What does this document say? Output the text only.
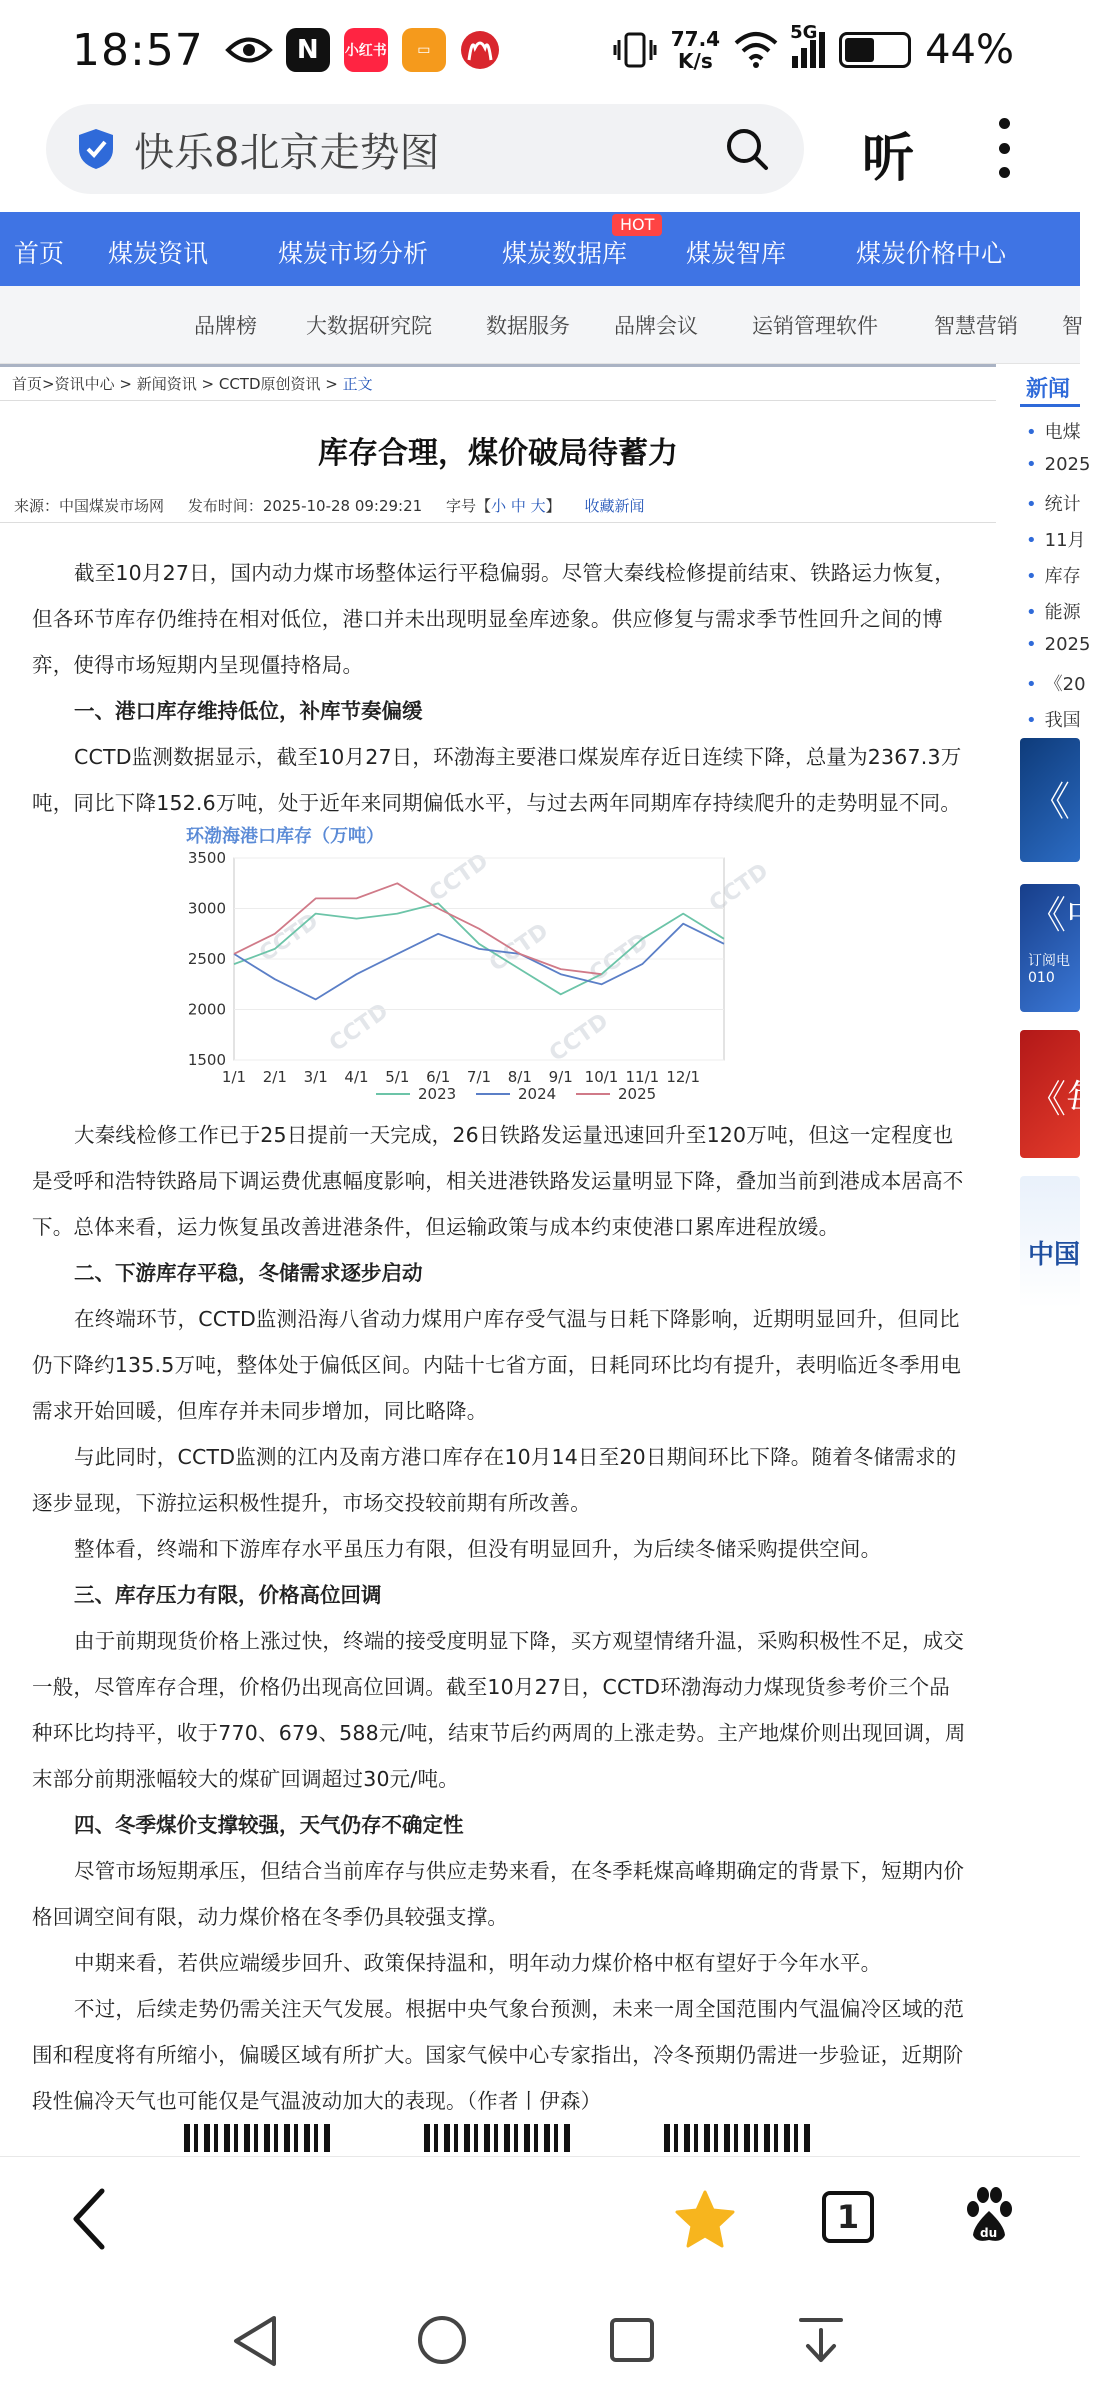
18:57	N	小红书	▭	77.4
K/s
5G	44%
快乐8北京走势图	听
首页 煤炭资讯	煤炭市场分析	煤炭数据库
HOT
煤炭智库	煤炭价格中心
品牌榜 大数据研究院	数据服务 品牌会议	运销管理软件	智慧营销 智
首页>资讯中心 > 新闻资讯 > CCTD原创资讯 > 正文
库存合理，煤价破局待蓄力
来源：中国煤炭市场网 发布时间：2025-10-28 09:29:21 字号【小 中 大】 收藏新闻

截至10月27日，国内动力煤市场整体运行平稳偏弱。尽管大秦线检修提前结束、铁路运力恢复，但各环节库存仍维持在相对低位，港口并未出现明显垒库迹象。供应修复与需求季节性回升之间的博弈，使得市场短期内呈现僵持格局。

一、港口库存维持低位，补库节奏偏缓

CCTD监测数据显示，截至10月27日，环渤海主要港口煤炭库存近日连续下降，总量为2367.3万吨，同比下降152.6万吨，处于近年来同期偏低水平，与过去两年同期库存持续爬升的走势明显不同。

环渤海港口库存（万吨）
CCTD
CCTD
CCTD
CCTD
CCTD	CCTD
CCTD
1500
2000
2500
3000
3500
1/1 2/1 3/1 4/1 5/1 6/1 7/1 8/1 9/1 10/1 11/1 12/1
2023	2024	2025

大秦线检修工作已于25日提前一天完成，26日铁路发运量迅速回升至120万吨，但这一定程度也是受呼和浩特铁路局下调运费优惠幅度影响，相关进港铁路发运量明显下降，叠加当前到港成本居高不下。总体来看，运力恢复虽改善进港条件，但运输政策与成本约束使港口累库进程放缓。

二、下游库存平稳，冬储需求逐步启动

在终端环节，CCTD监测沿海八省动力煤用户库存受气温与日耗下降影响，近期明显回升，但同比仍下降约135.5万吨，整体处于偏低区间。内陆十七省方面，日耗同环比均有提升，表明临近冬季用电需求开始回暖，但库存并未同步增加，同比略降。

与此同时，CCTD监测的江内及南方港口库存在10月14日至20日期间环比下降。随着冬储需求的逐步显现，下游拉运积极性提升，市场交投较前期有所改善。

整体看，终端和下游库存水平虽压力有限，但没有明显回升，为后续冬储采购提供空间。

三、库存压力有限，价格高位回调

由于前期现货价格上涨过快，终端的接受度明显下降，买方观望情绪升温，采购积极性不足，成交一般，尽管库存合理，价格仍出现高位回调。截至10月27日，CCTD环渤海动力煤现货参考价三个品种环比均持平，收于770、679、588元/吨，结束节后约两周的上涨走势。主产地煤价则出现回调，周末部分前期涨幅较大的煤矿回调超过30元/吨。

四、冬季煤价支撑较强，天气仍存不确定性

尽管市场短期承压，但结合当前库存与供应走势来看，在冬季耗煤高峰期确定的背景下，短期内价格回调空间有限，动力煤价格在冬季仍具较强支撑。

中期来看，若供应端缓步回升、政策保持温和，明年动力煤价格中枢有望好于今年水平。

不过，后续走势仍需关注天气发展。根据中央气象台预测，未来一周全国范围内气温偏冷区域的范围和程度将有所缩小，偏暖区域有所扩大。国家气候中心专家指出，冷冬预期仍需进一步验证，近期阶段性偏冷天气也可能仅是气温波动加大的表现。（作者丨伊森）

新闻
• 电煤
• 2025
• 统计
• 11月
• 库存
• 能源
• 2025
• 《20
• 我国
《
《中
订阅电
010
《每
中国
1	du
